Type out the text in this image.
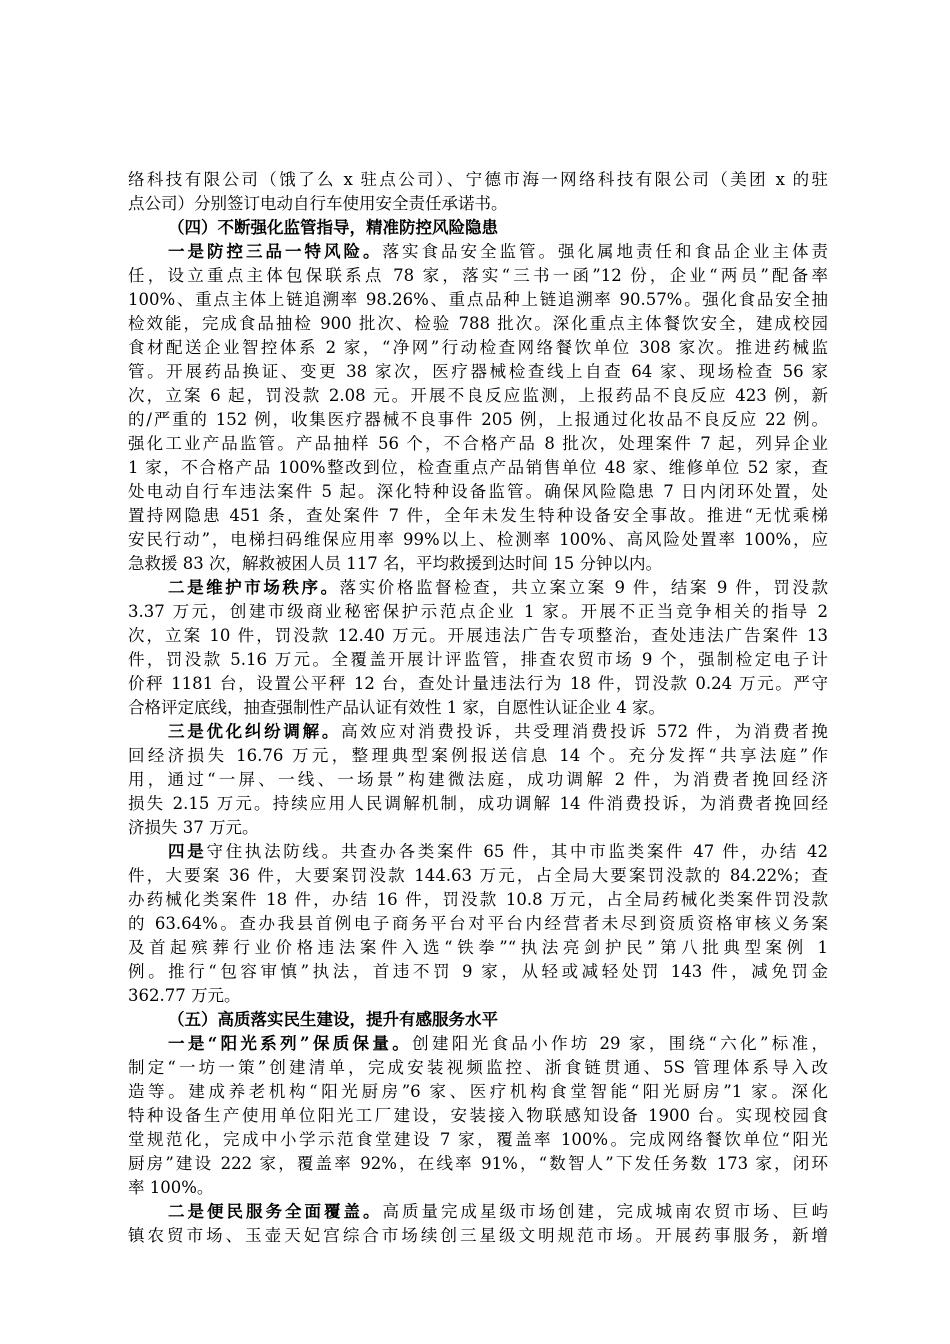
络科技有限公司（饿了么 x 驻点公司）、宁德市海一网络科技有限公司（美团 x 的驻
点公司）分别签订电动自行车使用安全责任承诺书。
（四）不断强化监管指导，精准防控风险隐患
一是防控三品一特风险。落实食品安全监管。强化属地责任和食品企业主体责
任，设立重点主体包保联系点 78 家，落实“三书一函”12 份，企业“两员”配备率
100%、重点主体上链追溯率 98.26%、重点品种上链追溯率 90.57%。强化食品安全抽
检效能，完成食品抽检 900 批次、检验 788 批次。深化重点主体餐饮安全，建成校园
食材配送企业智控体系 2 家，“净网”行动检查网络餐饮单位 308 家次。推进药械监
管。开展药品换证、变更 38 家次，医疗器械检查线上自查 64 家、现场检查 56 家
次，立案 6 起，罚没款 2.08 元。开展不良反应监测，上报药品不良反应 423 例，新
的/严重的 152 例，收集医疗器械不良事件 205 例，上报通过化妆品不良反应 22 例。
强化工业产品监管。产品抽样 56 个，不合格产品 8 批次，处理案件 7 起，列异企业
1 家，不合格产品 100%整改到位，检查重点产品销售单位 48 家、维修单位 52 家，查
处电动自行车违法案件 5 起。深化特种设备监管。确保风险隐患 7 日内闭环处置，处
置持网隐患 451 条，查处案件 7 件，全年未发生特种设备安全事故。推进“无忧乘梯
安民行动”，电梯扫码维保应用率 99%以上、检测率 100%、高风险处置率 100%，应
急救援 83 次，解救被困人员 117 名，平均救援到达时间 15 分钟以内。
二是维护市场秩序。落实价格监督检查，共立案立案 9 件，结案 9 件，罚没款
3.37 万元，创建市级商业秘密保护示范点企业 1 家。开展不正当竞争相关的指导 2
次，立案 10 件，罚没款 12.40 万元。开展违法广告专项整治，查处违法广告案件 13
件，罚没款 5.16 万元。全覆盖开展计评监管，排查农贸市场 9 个，强制检定电子计
价秤 1181 台，设置公平秤 12 台，查处计量违法行为 18 件，罚没款 0.24 万元。严守
合格评定底线，抽查强制性产品认证有效性 1 家，自愿性认证企业 4 家。
三是优化纠纷调解。高效应对消费投诉，共受理消费投诉 572 件，为消费者挽
回经济损失 16.76 万元，整理典型案例报送信息 14 个。充分发挥“共享法庭”作
用，通过“一屏、一线、一场景”构建微法庭，成功调解 2 件，为消费者挽回经济
损失 2.15 万元。持续应用人民调解机制，成功调解 14 件消费投诉，为消费者挽回经
济损失 37 万元。
四是守住执法防线。共查办各类案件 65 件，其中市监类案件 47 件，办结 42
件，大要案 36 件，大要案罚没款 144.63 万元，占全局大要案罚没款的 84.22%；查
办药械化类案件 18 件，办结 16 件，罚没款 10.8 万元，占全局药械化类案件罚没款
的 63.64%。查办我县首例电子商务平台对平台内经营者未尽到资质资格审核义务案
及首起殡葬行业价格违法案件入选“铁拳”“执法亮剑护民”第八批典型案例 1
例。推行“包容审慎”执法，首违不罚 9 家，从轻或减轻处罚 143 件，减免罚金
362.77 万元。
（五）高质落实民生建设，提升有感服务水平
一是“阳光系列”保质保量。创建阳光食品小作坊 29 家，围绕“六化”标准，
制定“一坊一策”创建清单，完成安装视频监控、浙食链贯通、5S 管理体系导入改
造等。建成养老机构“阳光厨房”6 家、医疗机构食堂智能“阳光厨房”1 家。深化
特种设备生产使用单位阳光工厂建设，安装接入物联感知设备 1900 台。实现校园食
堂规范化，完成中小学示范食堂建设 7 家，覆盖率 100%。完成网络餐饮单位“阳光
厨房”建设 222 家，覆盖率 92%，在线率 91%，“数智人”下发任务数 173 家，闭环
率 100%。
二是便民服务全面覆盖。高质量完成星级市场创建，完成城南农贸市场、巨屿
镇农贸市场、玉壶天妃宫综合市场续创三星级文明规范市场。开展药事服务，新增
